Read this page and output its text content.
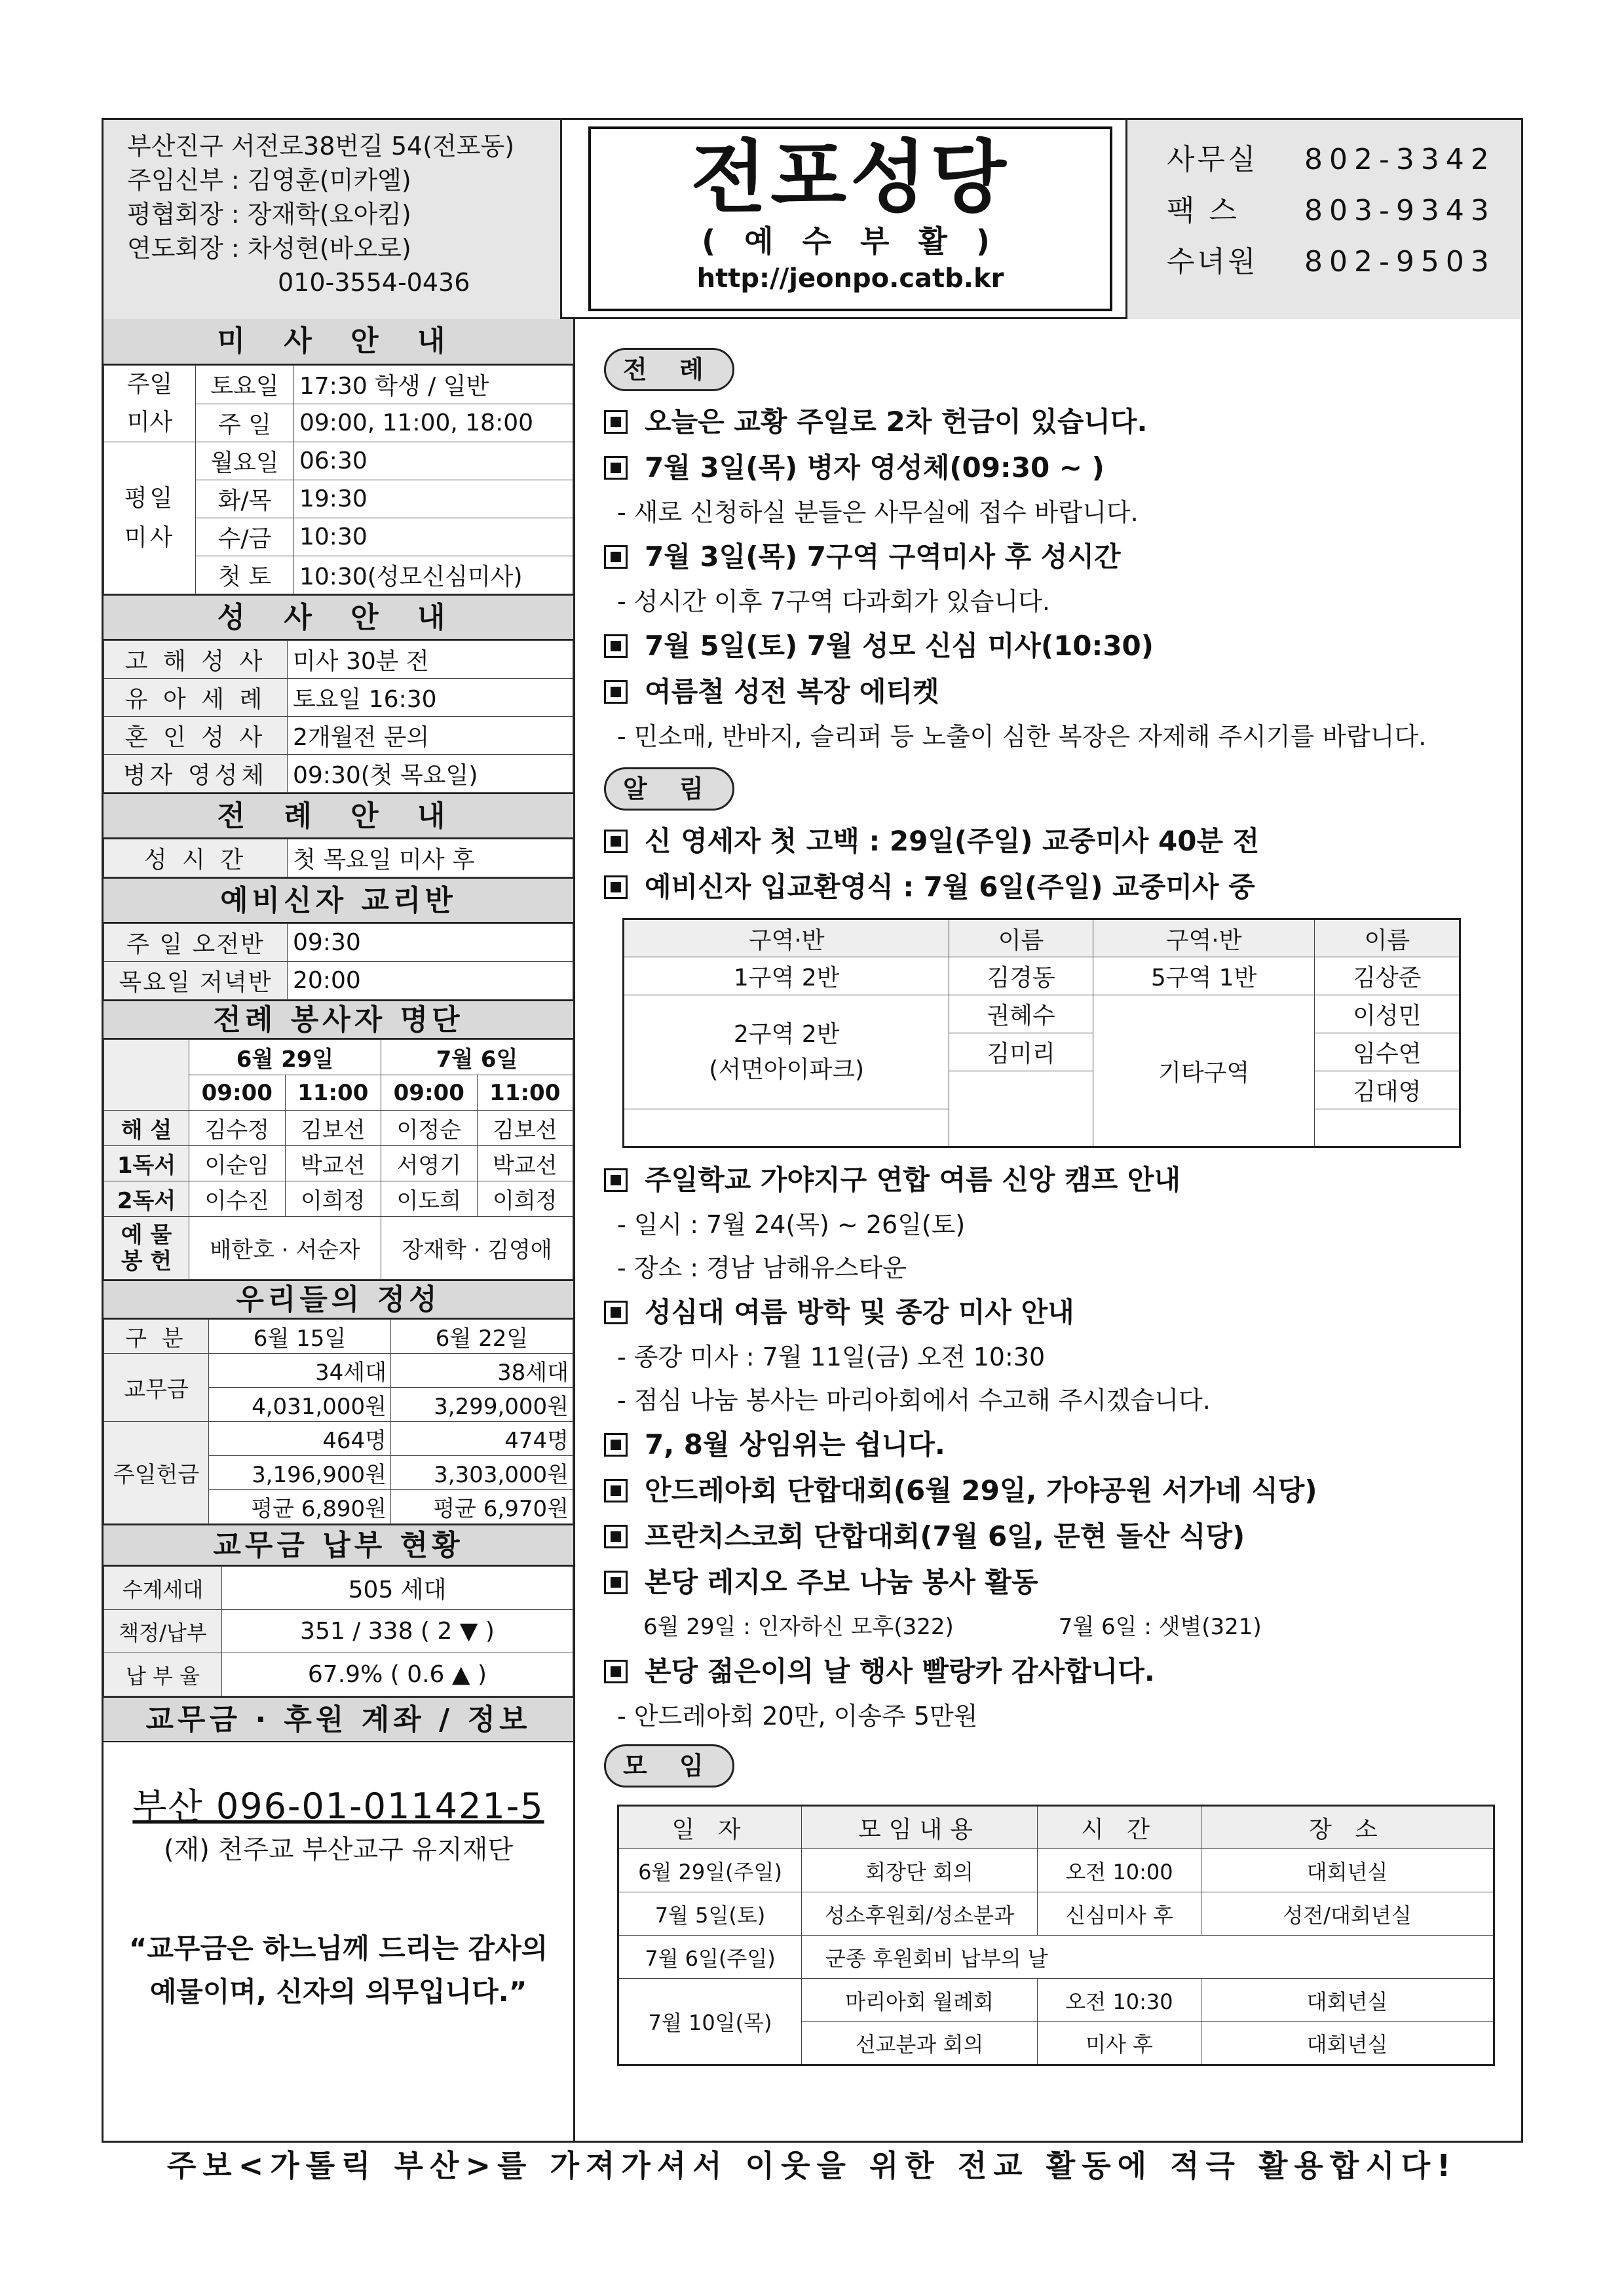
부산진구 서전로38번길 54(전포동)
주임신부 : 김영훈(미카엘)
평협회장 : 장재학(요아킴)
연도회장 : 차성현(바오로)
010-3554-0436
전포성당
( 예 수 부 활 )
http://jeonpo.catb.kr
사무실	802-3342
팩 스	803-9343
수녀원	802-9503
미 사 안 내
주일
미사	토요일	17:30 학생 / 일반
	주 일	09:00, 11:00, 18:00

평일
미사	월요일	06:30
	화/목	19:30
	수/금	10:30
	첫 토	10:30(성모신심미사)
성 사 안 내
고 해 성 사	미사 30분 전
유 아 세 례	토요일 16:30
혼 인 성 사	2개월전 문의
병자 영성체	09:30(첫 목요일)
전 례 안 내
성 시 간	첫 목요일 미사 후
예비신자 교리반
주 일 오전반	09:30
목요일 저녁반	20:00
전례 봉사자 명단
	6월 29일		7월 6일	
	09:00	11:00	09:00	11:00
해 설	김수정	김보선	이정순	김보선
1독서	이순임	박교선	서영기	박교선
2독서	이수진	이희정	이도희	이희정
예 물 봉 헌	배한호 · 서순자		장재학 · 김영애	
우리들의 정성
구 분	6월 15일	6월 22일
교무금	34세대	38세대
	4,031,000원	3,299,000원
주일헌금	464명	474명
	3,196,900원	3,303,000원
	평균 6,890원	평균 6,970원
교무금 납부 현황
수계세대	505 세대
책정/납부	351 / 338 ( 2 ▼ )
납 부 율	67.9% ( 0.6 ▲ )
교무금 · 후원 계좌 / 정보
부산 096-01-011421-5
(재) 천주교 부산교구 유지재단
“교무금은 하느님께 드리는 감사의
예물이며, 신자의 의무입니다.”
전 례
오늘은 교황 주일로 2차 헌금이 있습니다.
7월 3일(목) 병자 영성체(09:30 ~ )
- 새로 신청하실 분들은 사무실에 접수 바랍니다.
7월 3일(목) 7구역 구역미사 후 성시간
- 성시간 이후 7구역 다과회가 있습니다.
7월 5일(토) 7월 성모 신심 미사(10:30)
여름철 성전 복장 에티켓
- 민소매, 반바지, 슬리퍼 등 노출이 심한 복장은 자제해 주시기를 바랍니다.
알 림
신 영세자 첫 고백 : 29일(주일) 교중미사 40분 전
예비신자 입교환영식 : 7월 6일(주일) 교중미사 중
구역·반	이름	구역·반	이름
1구역 2반	김경동	5구역 1반	김상준

2구역 2반
(서면아이파크)	권혜수	기타구역	이성민
	김미리		임수연
			김대영

주일학교 가야지구 연합 여름 신앙 캠프 안내
- 일시 : 7월 24(목) ~ 26일(토)
- 장소 : 경남 남해유스타운
성심대 여름 방학 및 종강 미사 안내
- 종강 미사 : 7월 11일(금) 오전 10:30
- 점심 나눔 봉사는 마리아회에서 수고해 주시겠습니다.
7, 8월 상임위는 쉽니다.
안드레아회 단합대회(6월 29일, 가야공원 서가네 식당)
프란치스코회 단합대회(7월 6일, 문현 돌산 식당)
본당 레지오 주보 나눔 봉사 활동
6월 29일 : 인자하신 모후(322)	7월 6일 : 샛별(321)
본당 젊은이의 날 행사 빨랑카 감사합니다.
- 안드레아회 20만, 이송주 5만원
모 임
일 자	모임내용	시 간	장 소
6월 29일(주일)	회장단 회의	오전 10:00	대회년실
7월 5일(토)	성소후원회/성소분과	신심미사 후	성전/대회년실
7월 6일(주일)	군종 후원회비 납부의 날		
7월 10일(목)	마리아회 월례회	오전 10:30	대회년실
	선교분과 회의	미사 후	대회년실
주보<가톨릭 부산>를 가져가셔서 이웃을 위한 전교 활동에 적극 활용합시다!
